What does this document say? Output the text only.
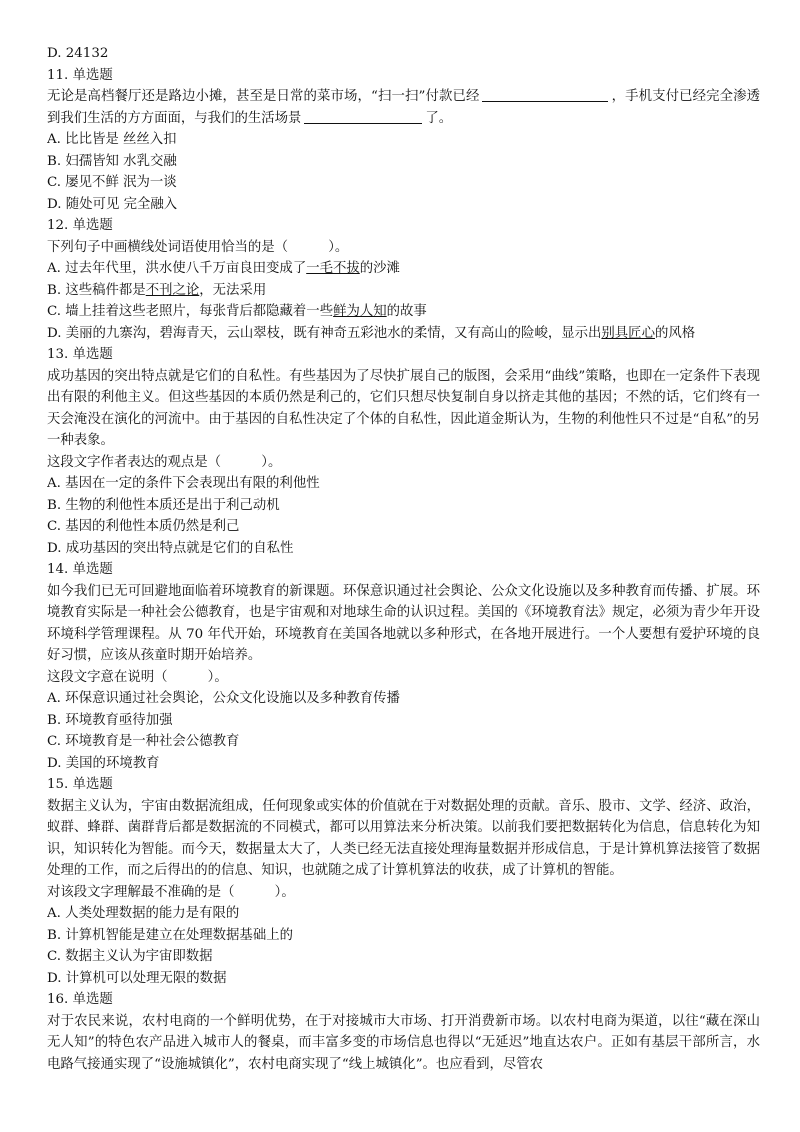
D. 24132
11. 单选题
无论是高档餐厅还是路边小摊，甚至是日常的菜市场，“扫一扫”付款已经	，手机支付已经完全渗透到我们生活的方方面面，与我们的生活场景	了。
A. 比比皆是 丝丝入扣
B. 妇孺皆知 水乳交融
C. 屡见不鲜 泯为一谈
D. 随处可见 完全融入
12. 单选题
下列句子中画横线处词语使用恰当的是（　　　）。
A. 过去年代里，洪水使八千万亩良田变成了一毛不拔的沙滩
B. 这些稿件都是不刊之论，无法采用
C. 墙上挂着这些老照片，每张背后都隐藏着一些鲜为人知的故事
D. 美丽的九寨沟，碧海青天，云山翠枝，既有神奇五彩池水的柔情，又有高山的险峻，显示出别具匠心的风格
13. 单选题
成功基因的突出特点就是它们的自私性。有些基因为了尽快扩展自己的版图，会采用“曲线”策略，也即在一定条件下表现出有限的利他主义。但这些基因的本质仍然是利己的，它们只想尽快复制自身以挤走其他的基因；不然的话，它们终有一天会淹没在演化的河流中。由于基因的自私性决定了个体的自私性，因此道金斯认为，生物的利他性只不过是“自私”的另一种表象。
这段文字作者表达的观点是（　　　）。
A. 基因在一定的条件下会表现出有限的利他性
B. 生物的利他性本质还是出于利己动机
C. 基因的利他性本质仍然是利己
D. 成功基因的突出特点就是它们的自私性
14. 单选题
如今我们已无可回避地面临着环境教育的新课题。环保意识通过社会舆论、公众文化设施以及多种教育而传播、扩展。环境教育实际是一种社会公德教育，也是宇宙观和对地球生命的认识过程。美国的《环境教育法》规定，必须为青少年开设环境科学管理课程。从 70 年代开始，环境教育在美国各地就以多种形式，在各地开展进行。一个人要想有爱护环境的良好习惯，应该从孩童时期开始培养。
这段文字意在说明（　　　）。
A. 环保意识通过社会舆论，公众文化设施以及多种教育传播
B. 环境教育亟待加强
C. 环境教育是一种社会公德教育
D. 美国的环境教育
15. 单选题
数据主义认为，宇宙由数据流组成，任何现象或实体的价值就在于对数据处理的贡献。音乐、股市、文学、经济、政治，蚁群、蜂群、菌群背后都是数据流的不同模式，都可以用算法来分析决策。以前我们要把数据转化为信息，信息转化为知识，知识转化为智能。而今天，数据量太大了，人类已经无法直接处理海量数据并形成信息，于是计算机算法接管了数据处理的工作，而之后得出的的信息、知识，也就随之成了计算机算法的收获，成了计算机的智能。
对该段文字理解最不准确的是（　　　）。
A. 人类处理数据的能力是有限的
B. 计算机智能是建立在处理数据基础上的
C. 数据主义认为宇宙即数据
D. 计算机可以处理无限的数据
16. 单选题
对于农民来说，农村电商的一个鲜明优势，在于对接城市大市场、打开消费新市场。以农村电商为渠道，以往“藏在深山无人知”的特色农产品进入城市人的餐桌，而丰富多变的市场信息也得以“无延迟”地直达农户。正如有基层干部所言，水电路气接通实现了“设施城镇化”，农村电商实现了“线上城镇化”。也应看到，尽管农
